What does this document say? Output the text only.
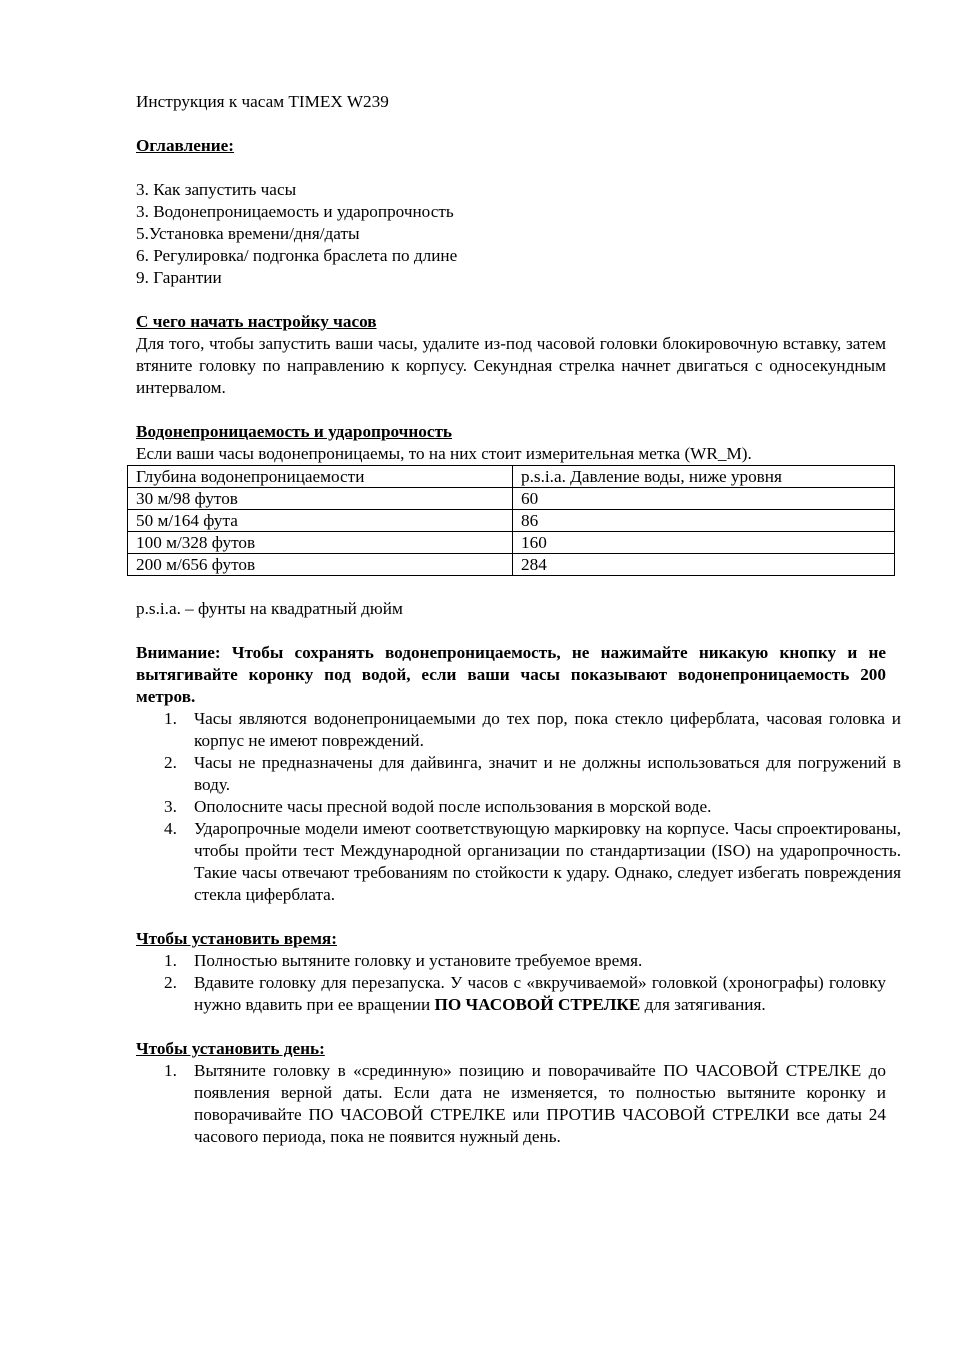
Инструкция к часам TIMEX W239

Оглавление:

3. Как запустить часы
3. Водонепроницаемость и ударопрочность
5.Установка времени/дня/даты
6. Регулировка/ подгонка браслета по длине
9. Гарантии

С чего начать настройку часов

Для того, чтобы запустить ваши часы, удалите из-под часовой головки блокировочную вставку, затем втяните головку по направлению к корпусу. Секундная стрелка начнет двигаться с односекундным интервалом.

Водонепроницаемость и ударопрочность

Если ваши часы водонепроницаемы, то на них стоит измерительная метка (WR_M).

Глубина водонепроницаемости	p.s.i.a. Давление воды, ниже уровня
30 м/98 футов	60
50 м/164 фута	86
100 м/328 футов	160
200 м/656 футов	284

p.s.i.a. – фунты на квадратный дюйм

Внимание: Чтобы сохранять водонепроницаемость, не нажимайте никакую кнопку и не вытягивайте коронку под водой, если ваши часы показывают водонепроницаемость 200 метров.

1. Часы являются водонепроницаемыми до тех пор, пока стекло циферблата, часовая головка и корпус не имеют повреждений.
2. Часы не предназначены для дайвинга, значит и не должны использоваться для погружений в воду.
3. Ополосните часы пресной водой после использования в морской воде.
4. Ударопрочные модели имеют соответствующую маркировку на корпусе. Часы спроектированы, чтобы пройти тест Международной организации по стандартизации (ISO) на ударопрочность. Такие часы отвечают требованиям по стойкости к удару. Однако, следует избегать повреждения стекла циферблата.

Чтобы установить время:

1. Полностью вытяните головку и установите требуемое время.
2. Вдавите головку для перезапуска. У часов с «вкручиваемой» головкой (хронографы) головку нужно вдавить при ее вращении ПО ЧАСОВОЙ СТРЕЛКЕ для затягивания.

Чтобы установить день:

1. Вытяните головку в «срединную» позицию и поворачивайте ПО ЧАСОВОЙ СТРЕЛКЕ до появления верной даты. Если дата не изменяется, то полностью вытяните коронку и поворачивайте ПО ЧАСОВОЙ СТРЕЛКЕ или ПРОТИВ ЧАСОВОЙ СТРЕЛКИ все даты 24 часового периода, пока не появится нужный день.
